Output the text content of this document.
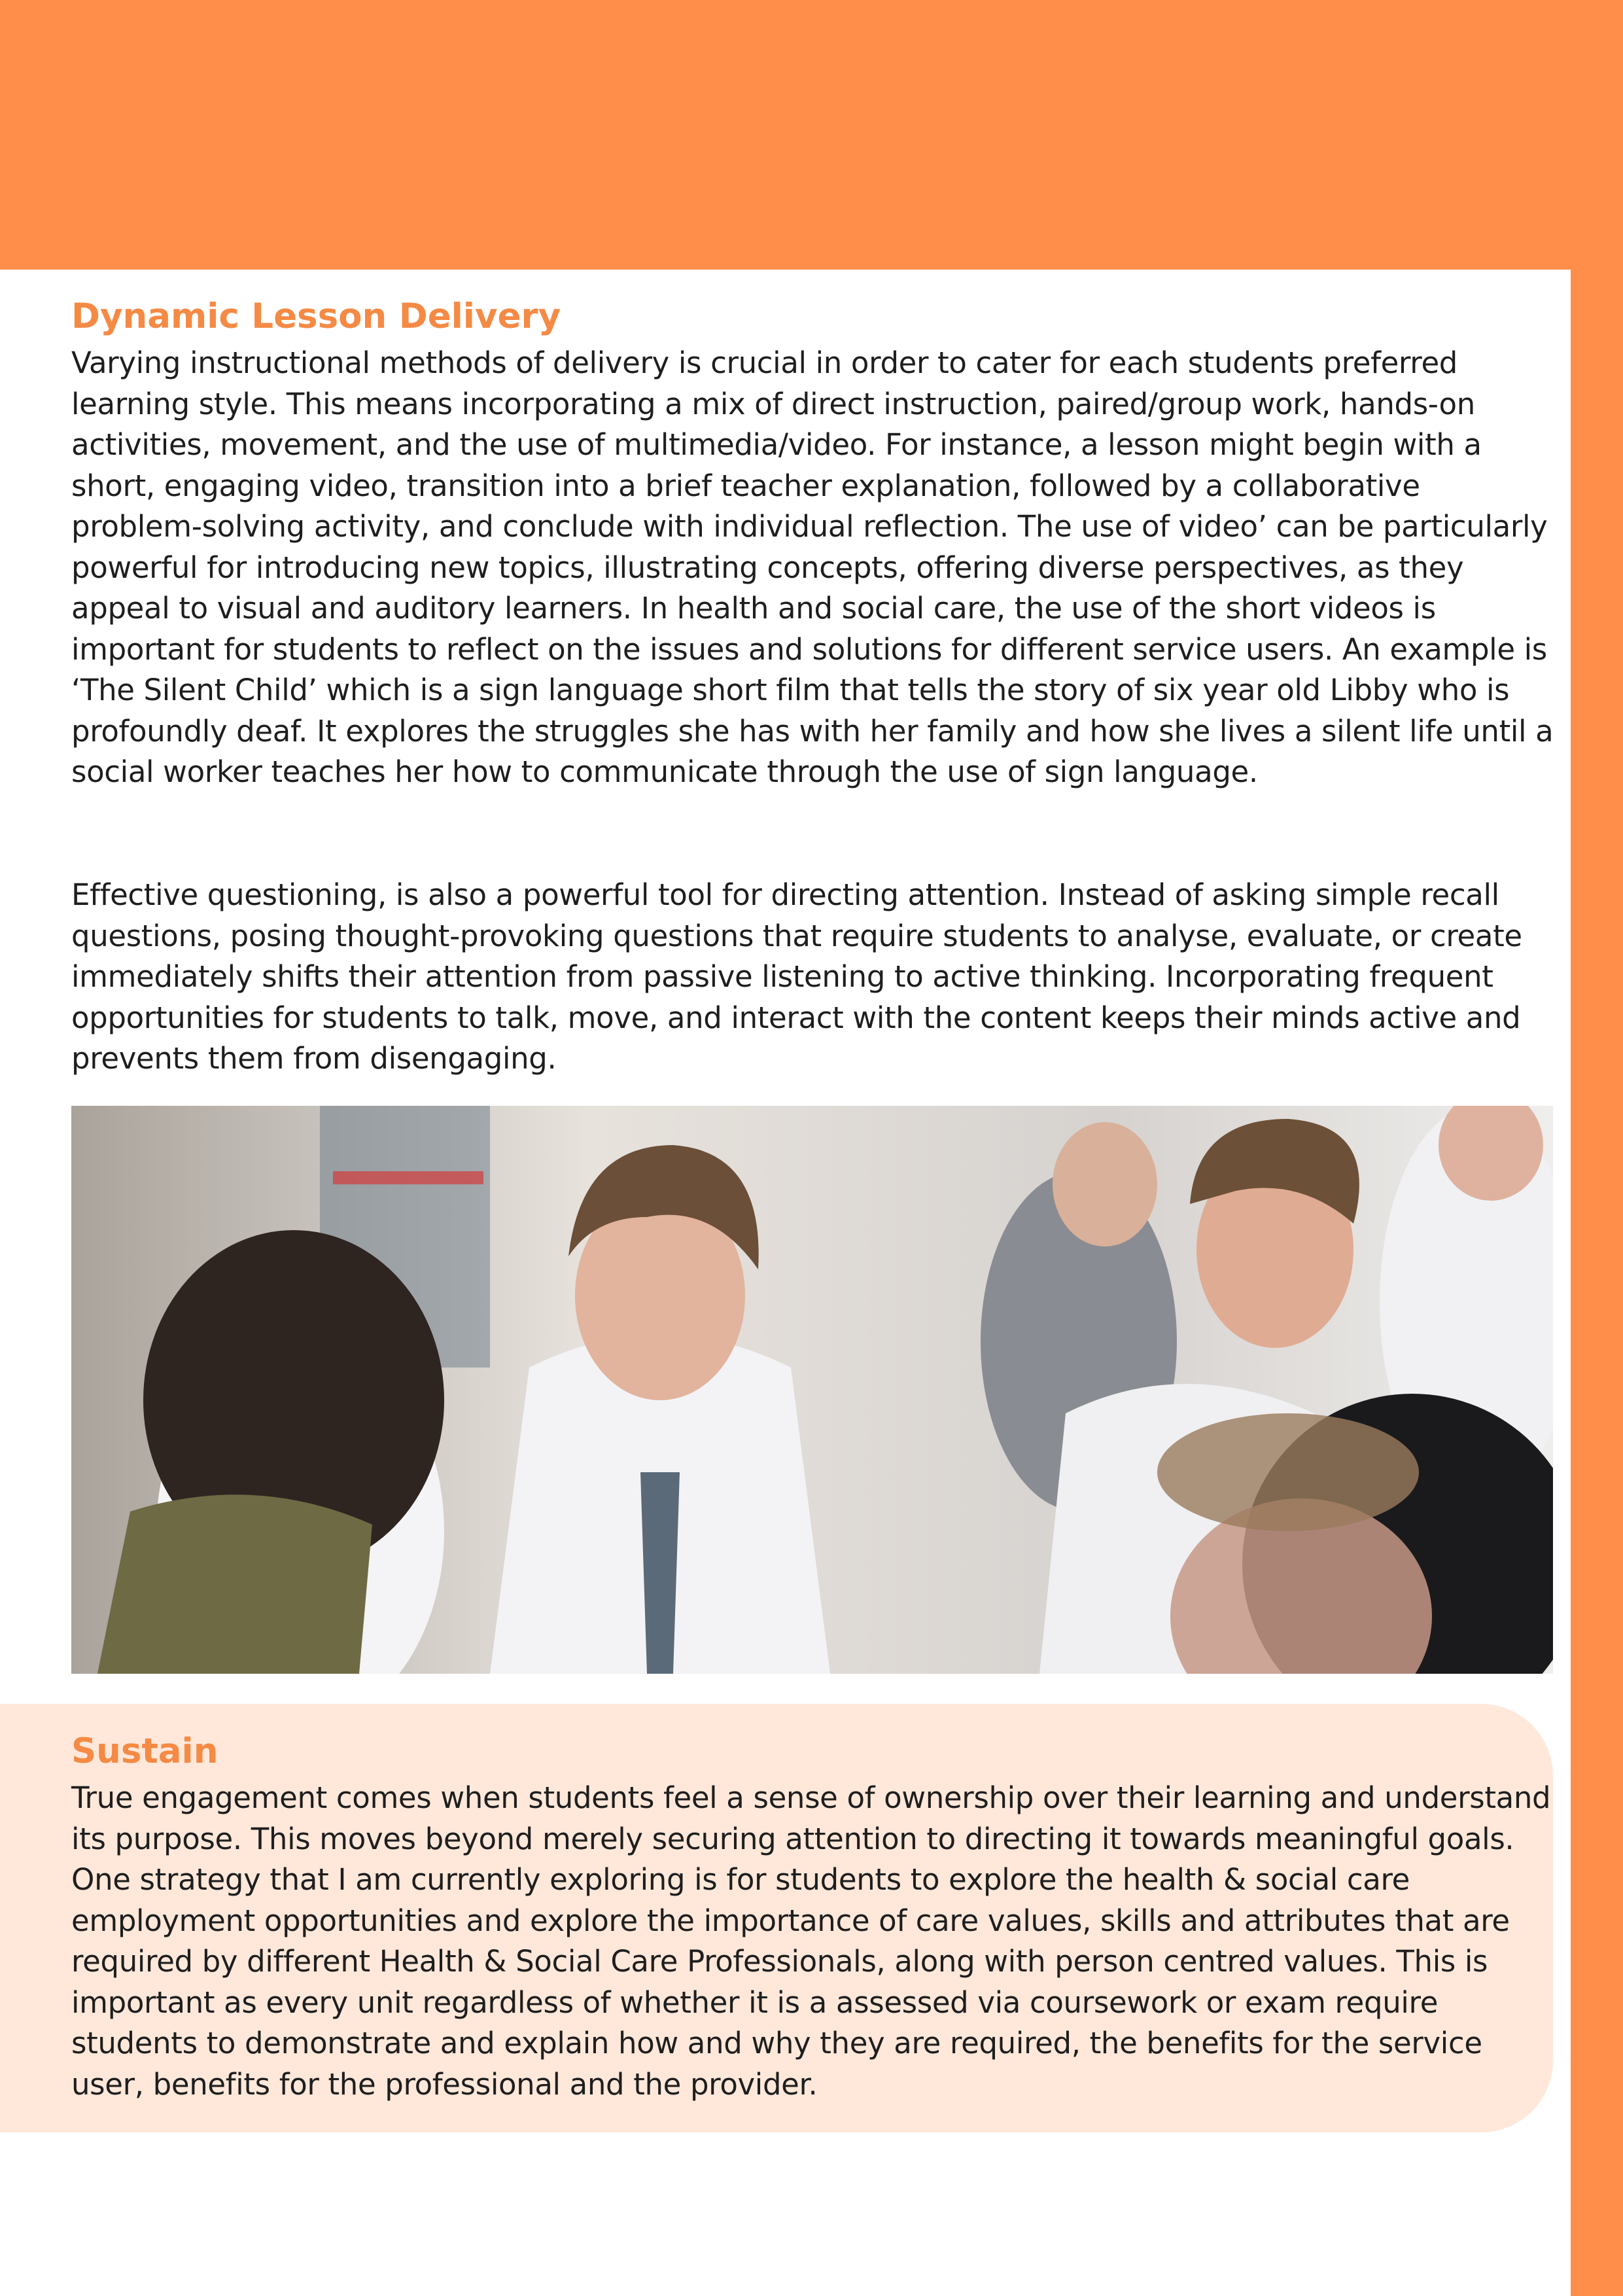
Dynamic Lesson Delivery

Varying instructional methods of delivery is crucial in order to cater for each students preferred learning style. This means incorporating a mix of direct instruction, paired/group work, hands-on activities, movement, and the use of multimedia/video. For instance, a lesson might begin with a short, engaging video, transition into a brief teacher explanation, followed by a collaborative problem-solving activity, and conclude with individual reflection. The use of video’ can be particularly powerful for introducing new topics, illustrating concepts, offering diverse perspectives, as they appeal to visual and auditory learners. In health and social care, the use of the short videos is important for students to reflect on the issues and solutions for different service users. An example is ‘The Silent Child’ which is a sign language short film that tells the story of six year old Libby who is profoundly deaf. It explores the struggles she has with her family and how she lives a silent life until a social worker teaches her how to communicate through the use of sign language.

Effective questioning, is also a powerful tool for directing attention. Instead of asking simple recall questions, posing thought-provoking questions that require students to analyse, evaluate, or create immediately shifts their attention from passive listening to active thinking. Incorporating frequent opportunities for students to talk, move, and interact with the content keeps their minds active and prevents them from disengaging.

Sustain

True engagement comes when students feel a sense of ownership over their learning and understand its purpose. This moves beyond merely securing attention to directing it towards meaningful goals. One strategy that I am currently exploring is for students to explore the health & social care employment opportunities and explore the importance of care values, skills and attributes that are required by different Health & Social Care Professionals, along with person centred values. This is important as every unit regardless of whether it is a assessed via coursework or exam require students to demonstrate and explain how and why they are required, the benefits for the service user, benefits for the professional and the provider.
